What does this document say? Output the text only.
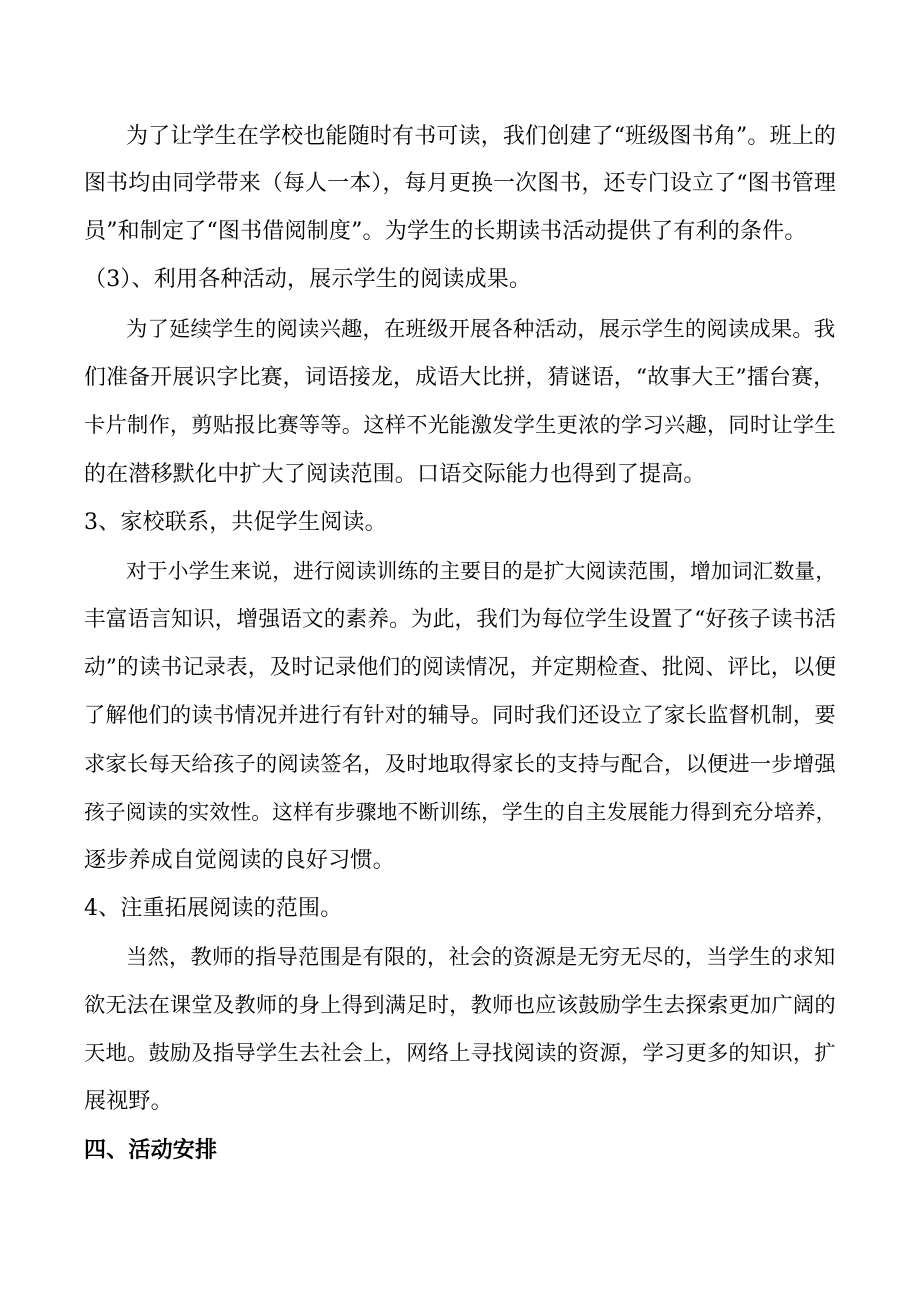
为了让学生在学校也能随时有书可读，我们创建了“班级图书角”。班上的

图书均由同学带来（每人一本），每月更换一次图书，还专门设立了“图书管理

员”和制定了“图书借阅制度”。为学生的长期读书活动提供了有利的条件。

（3）、利用各种活动，展示学生的阅读成果。

为了延续学生的阅读兴趣，在班级开展各种活动，展示学生的阅读成果。我

们准备开展识字比赛，词语接龙，成语大比拼，猜谜语，“故事大王”擂台赛，

卡片制作，剪贴报比赛等等。这样不光能激发学生更浓的学习兴趣，同时让学生

的在潜移默化中扩大了阅读范围。口语交际能力也得到了提高。

3、家校联系，共促学生阅读。

对于小学生来说，进行阅读训练的主要目的是扩大阅读范围，增加词汇数量，

丰富语言知识，增强语文的素养。为此，我们为每位学生设置了“好孩子读书活

动”的读书记录表，及时记录他们的阅读情况，并定期检查、批阅、评比，以便

了解他们的读书情况并进行有针对的辅导。同时我们还设立了家长监督机制，要

求家长每天给孩子的阅读签名，及时地取得家长的支持与配合，以便进一步增强

孩子阅读的实效性。这样有步骤地不断训练，学生的自主发展能力得到充分培养，

逐步养成自觉阅读的良好习惯。

4、注重拓展阅读的范围。

当然，教师的指导范围是有限的，社会的资源是无穷无尽的，当学生的求知

欲无法在课堂及教师的身上得到满足时，教师也应该鼓励学生去探索更加广阔的

天地。鼓励及指导学生去社会上，网络上寻找阅读的资源，学习更多的知识，扩

展视野。

四、活动安排
